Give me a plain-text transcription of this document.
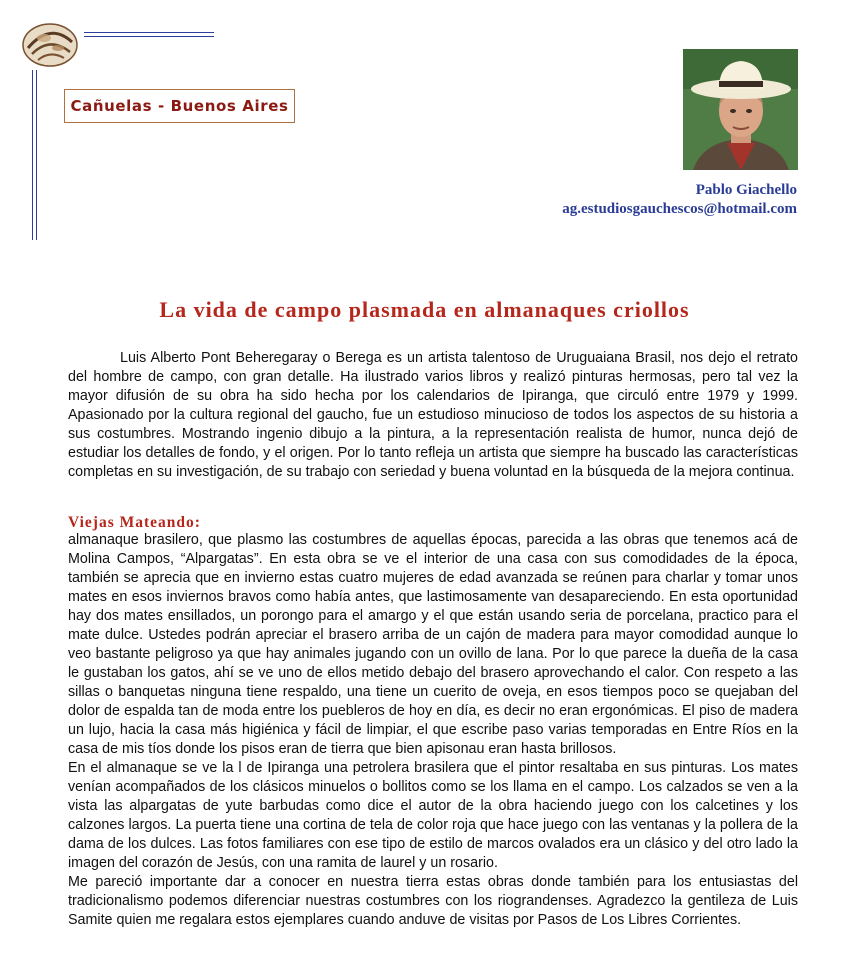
Cañuelas - Buenos Aires
Pablo Giachello
ag.estudiosgauchescos@hotmail.com
La vida de campo plasmada en almanaques criollos

Luis Alberto Pont Beheregaray o Berega es un artista talentoso de Uruguaiana Brasil, nos dejo el retrato del hombre de campo, con gran detalle. Ha ilustrado varios libros y realizó pinturas hermosas, pero tal vez la mayor difusión de su obra ha sido hecha por los calendarios de Ipiranga, que circuló entre 1979 y 1999. Apasionado por la cultura regional del gaucho, fue un estudioso minucioso de todos los aspectos de su historia a sus costumbres. Mostrando ingenio dibujo a la pintura, a la representación realista de humor, nunca dejó de estudiar los detalles de fondo, y el origen. Por lo tanto refleja un artista que siempre ha buscado las características completas en su investigación, de su trabajo con seriedad y buena voluntad en la búsqueda de la mejora continua.

Viejas Mateando:

almanaque brasilero, que plasmo las costumbres de aquellas épocas, parecida a las obras que tenemos acá de Molina Campos, “Alpargatas”. En esta obra se ve el interior de una casa con sus comodidades de la época, también se aprecia que en invierno estas cuatro mujeres de edad avanzada se reúnen para charlar y tomar unos mates en esos inviernos bravos como había antes, que lastimosamente van desapareciendo. En esta oportunidad hay dos mates ensillados, un porongo para el amargo y el que están usando seria de porcelana, practico para el mate dulce. Ustedes podrán apreciar el brasero arriba de un cajón de madera para mayor comodidad aunque lo veo bastante peligroso ya que hay animales jugando con un ovillo de lana. Por lo que parece la dueña de la casa le gustaban los gatos, ahí se ve uno de ellos metido debajo del brasero aprovechando el calor. Con respeto a las sillas o banquetas ninguna tiene respaldo, una tiene un cuerito de oveja, en esos tiempos poco se quejaban del dolor de espalda tan de moda entre los puebleros de hoy en día, es decir no eran ergonómicas. El piso de madera un lujo, hacia la casa más higiénica y fácil de limpiar, el que escribe paso varias temporadas en Entre Ríos en la casa de mis tíos donde los pisos eran de tierra que bien apisonau eran hasta brillosos.

En el almanaque se ve la l de Ipiranga una petrolera brasilera que el pintor resaltaba en sus pinturas. Los mates venían acompañados de los clásicos minuelos o bollitos como se los llama en el campo. Los calzados se ven a la vista las alpargatas de yute barbudas como dice el autor de la obra haciendo juego con los calcetines y los calzones largos. La puerta tiene una cortina de tela de color roja que hace juego con las ventanas y la pollera de la dama de los dulces. Las fotos familiares con ese tipo de estilo de marcos ovalados era un clásico y del otro lado la imagen del corazón de Jesús, con una ramita de laurel y un rosario.

Me pareció importante dar a conocer en nuestra tierra estas obras donde también para los entusiastas del tradicionalismo podemos diferenciar nuestras costumbres con los riograndenses. Agradezco la gentileza de Luis Samite quien me regalara estos ejemplares cuando anduve de visitas por Pasos de Los Libres Corrientes.
